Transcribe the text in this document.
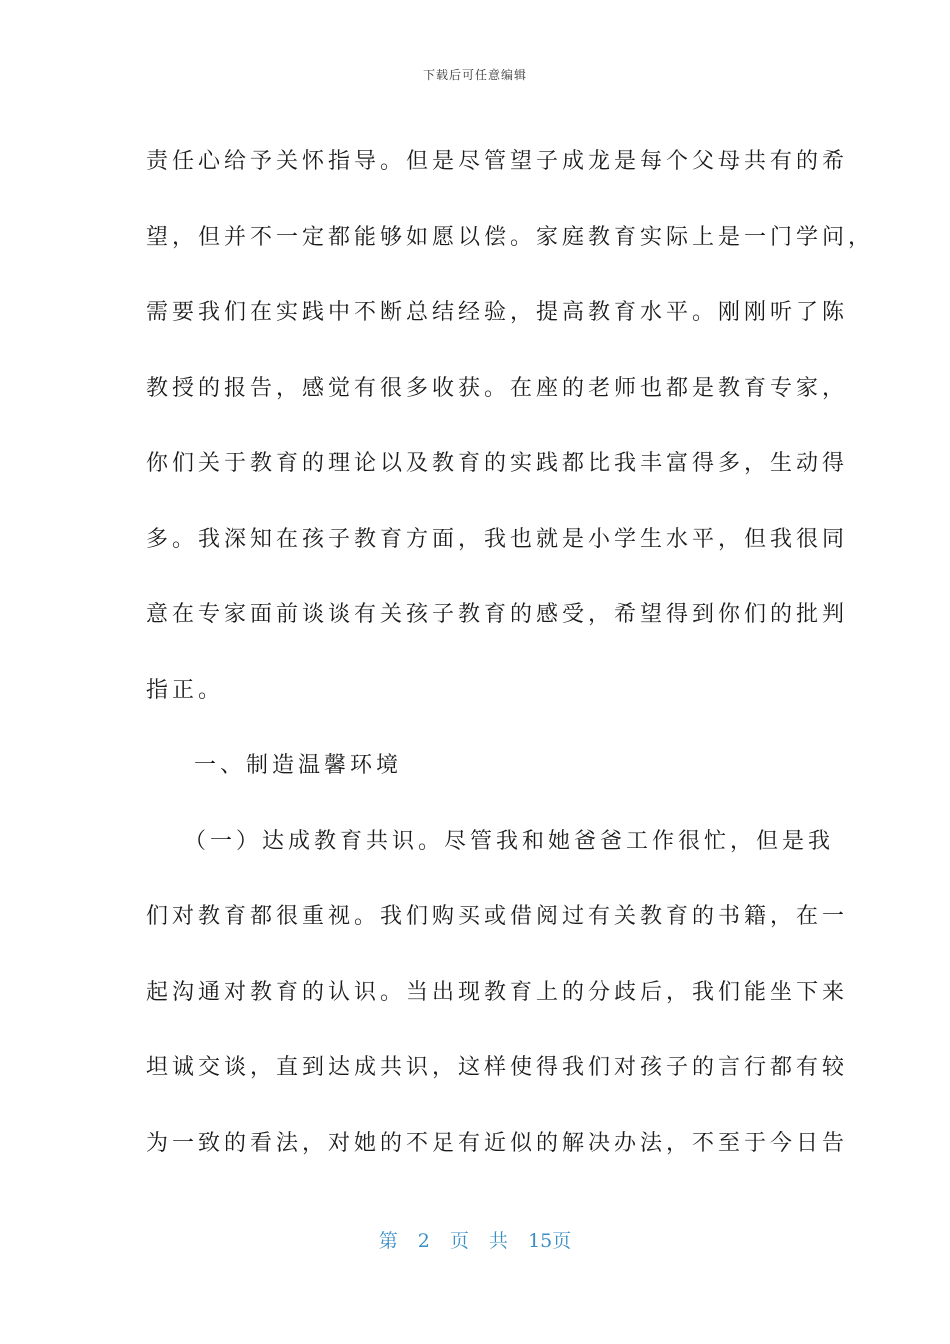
下载后可任意编辑
责任心给予关怀指导。但是尽管望子成龙是每个父母共有的希
望，但并不一定都能够如愿以偿。家庭教育实际上是一门学问，
需要我们在实践中不断总结经验，提高教育水平。刚刚听了陈
教授的报告，感觉有很多收获。在座的老师也都是教育专家，
你们关于教育的理论以及教育的实践都比我丰富得多，生动得
多。我深知在孩子教育方面，我也就是小学生水平，但我很同
意在专家面前谈谈有关孩子教育的感受，希望得到你们的批判
指正。
一、制造温馨环境
（一）达成教育共识。尽管我和她爸爸工作很忙，但是我
们对教育都很重视。我们购买或借阅过有关教育的书籍，在一
起沟通对教育的认识。当出现教育上的分歧后，我们能坐下来
坦诚交谈，直到达成共识，这样使得我们对孩子的言行都有较
为一致的看法，对她的不足有近似的解决办法，不至于今日告
第 2 页 共 15页
